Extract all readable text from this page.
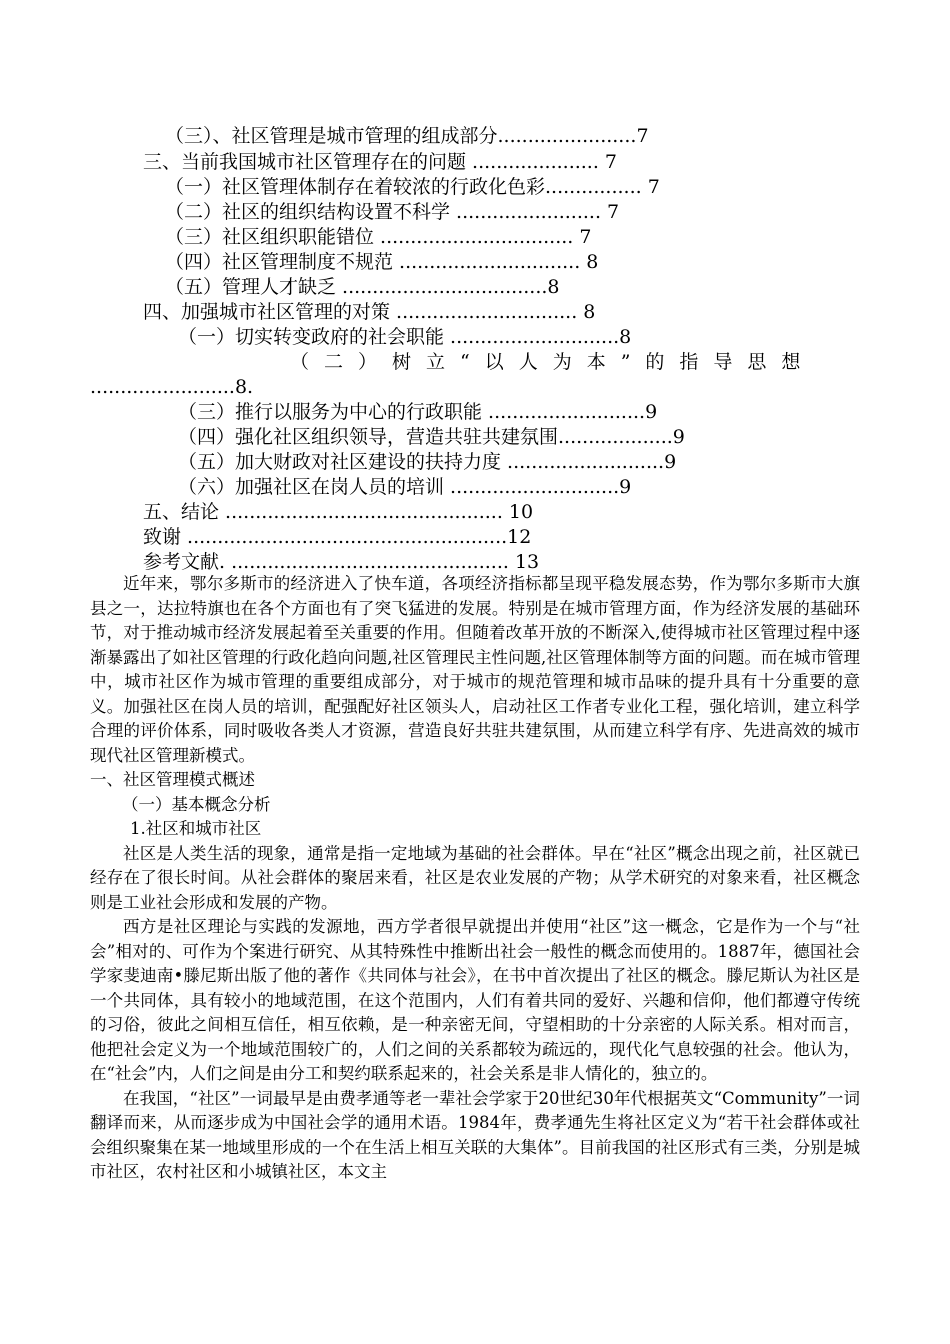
（三）、社区管理是城市管理的组成部分.......................7
三、当前我国城市社区管理存在的问题 ..................... 7
（一）社区管理体制存在着较浓的行政化色彩................ 7
（二）社区的组织结构设置不科学 ........................ 7
（三）社区组织职能错位 ................................ 7
（四）社区管理制度不规范 .............................. 8
（五）管理人才缺乏 ..................................8
四、加强城市社区管理的对策 .............................. 8
（一）切实转变政府的社会职能 ............................8
（二）树立“以人为本”的指导思想
........................8.
（三）推行以服务为中心的行政职能 ..........................9
（四）强化社区组织领导，营造共驻共建氛围...................9
（五）加大财政对社区建设的扶持力度 ..........................9
（六）加强社区在岗人员的培训 ............................9
五、结论 .............................................. 10
致谢 .....................................................12
参考文献. .............................................. 13

近年来，鄂尔多斯市的经济进入了快车道，各项经济指标都呈现平稳发展态势，作为鄂尔多斯市大旗县之一，达拉特旗也在各个方面也有了突飞猛进的发展。特别是在城市管理方面，作为经济发展的基础环节，对于推动城市经济发展起着至关重要的作用。但随着改革开放的不断深入,使得城市社区管理过程中逐渐暴露出了如社区管理的行政化趋向问题,社区管理民主性问题,社区管理体制等方面的问题。而在城市管理中，城市社区作为城市管理的重要组成部分，对于城市的规范管理和城市品味的提升具有十分重要的意义。加强社区在岗人员的培训，配强配好社区领头人，启动社区工作者专业化工程，强化培训，建立科学合理的评价体系，同时吸收各类人才资源，营造良好共驻共建氛围，从而建立科学有序、先进高效的城市现代社区管理新模式。

一、社区管理模式概述

（一）基本概念分析

1.社区和城市社区

社区是人类生活的现象，通常是指一定地域为基础的社会群体。早在“社区”概念出现之前，社区就已经存在了很长时间。从社会群体的聚居来看，社区是农业发展的产物；从学术研究的对象来看，社区概念则是工业社会形成和发展的产物。

西方是社区理论与实践的发源地，西方学者很早就提出并使用“社区”这一概念，它是作为一个与“社会”相对的、可作为个案进行研究、从其特殊性中推断出社会一般性的概念而使用的。1887年，德国社会学家斐迪南•滕尼斯出版了他的著作《共同体与社会》，在书中首次提出了社区的概念。滕尼斯认为社区是一个共同体，具有较小的地域范围，在这个范围内，人们有着共同的爱好、兴趣和信仰，他们都遵守传统的习俗，彼此之间相互信任，相互依赖，是一种亲密无间，守望相助的十分亲密的人际关系。相对而言，他把社会定义为一个地域范围较广的，人们之间的关系都较为疏远的，现代化气息较强的社会。他认为，在“社会”内，人们之间是由分工和契约联系起来的，社会关系是非人情化的，独立的。

在我国，“社区”一词最早是由费孝通等老一辈社会学家于20世纪30年代根据英文“Community”一词翻译而来，从而逐步成为中国社会学的通用术语。1984年，费孝通先生将社区定义为“若干社会群体或社会组织聚集在某一地域里形成的一个在生活上相互关联的大集体”。目前我国的社区形式有三类，分别是城市社区，农村社区和小城镇社区，本文主
